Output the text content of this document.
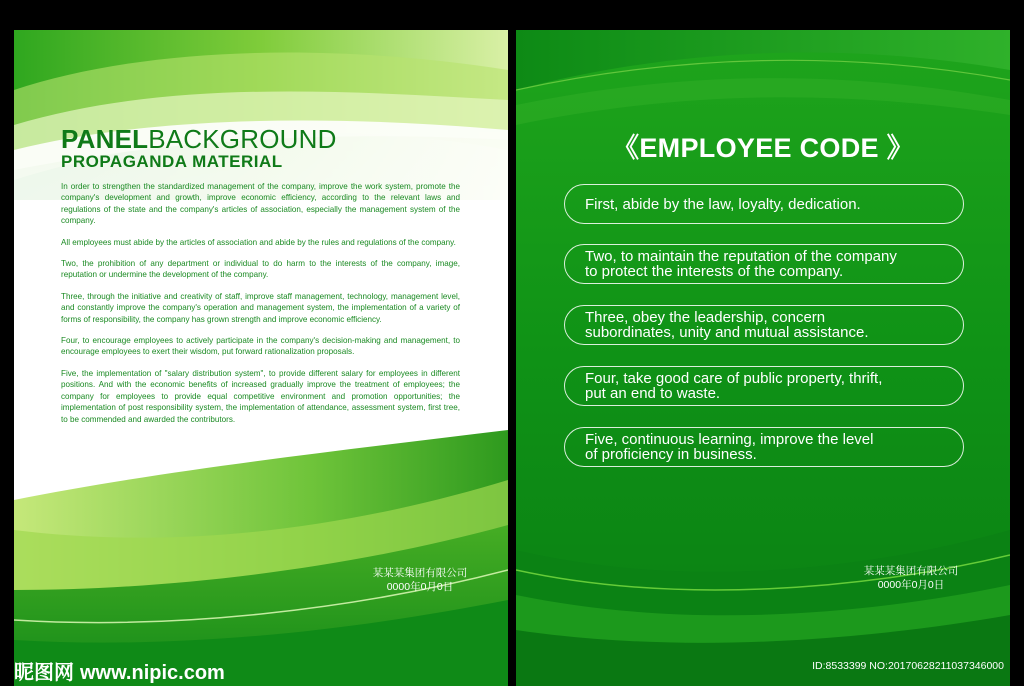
PANELBACKGROUND
PROPAGANDA MATERIAL

In order to strengthen the standardized management of the company, improve the work system, promote the company's development and growth, improve economic efficiency, according to the relevant laws and regulations of the state and the company's articles of association, especially the management system of the company.

All employees must abide by the articles of association and abide by the rules and regulations of the company.

Two, the prohibition of any department or individual to do harm to the interests of the company, image, reputation or undermine the development of the company.

Three, through the initiative and creativity of staff, improve staff management, technology, management level, and constantly improve the company's operation and management system, the implementation of a variety of forms of responsibility, the company has grown strength and improve economic efficiency.

Four, to encourage employees to actively participate in the company's decision-making and management, to encourage employees to exert their wisdom, put forward rationalization proposals.

Five, the implementation of "salary distribution system", to provide different salary for employees in different positions. And with the economic benefits of increased gradually improve the treatment of employees; the company for employees to provide equal competitive environment and promotion opportunities; the implementation of post responsibility system, the implementation of attendance, assessment system, first tree, to be commended and awarded the contributors.

某某某集团有限公司
0000年0月0日
《EMPLOYEE CODE 》
First, abide by the law, loyalty, dedication.
Two, to maintain the reputation of the company
to protect the interests of the company.
Three, obey the leadership, concern
subordinates, unity and mutual assistance.
Four, take good care of public property, thrift,
put an end to waste.
Five, continuous learning, improve the level
of proficiency in business.
某某某集团有限公司
0000年0月0日
昵图网 www.nipic.com	ID:8533399 NO:20170628211037346000
